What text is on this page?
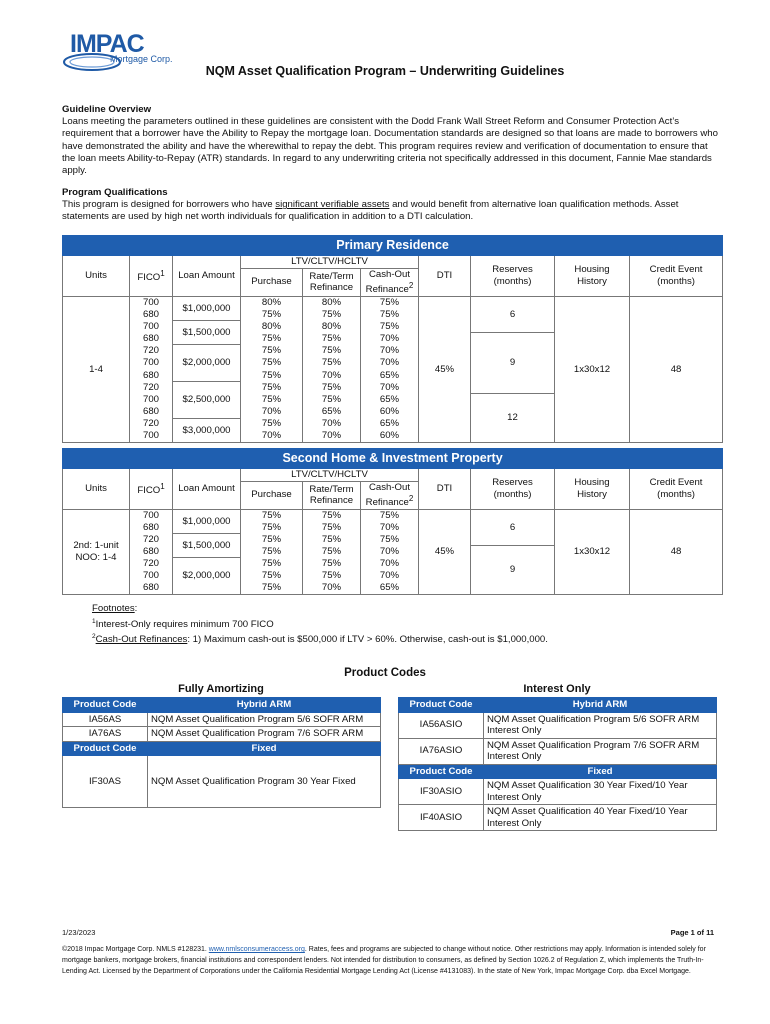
IMPAC
Mortgage Corp.
NQM Asset Qualification Program – Underwriting Guidelines
Guideline Overview

Loans meeting the parameters outlined in these guidelines are consistent with the Dodd Frank Wall Street Reform and Consumer Protection Act’s requirement that a borrower have the Ability to Repay the mortgage loan. Documentation standards are designed so that loans are made to borrowers who have demonstrated the ability and have the wherewithal to repay the debt. This program requires review and verification of documentation to ensure that the loan meets Ability-to-Repay (ATR) standards. In regard to any underwriting criteria not specifically addressed in this document, Fannie Mae standards apply.

Program Qualifications

This program is designed for borrowers who have significant verifiable assets and would benefit from alternative loan qualification methods. Asset statements are used by high net worth individuals for qualification in addition to a DTI calculation.

Primary Residence									
Units	FICO$^1$	Loan Amount	LTV/CLTV/HCLTV			DTI	Reserves
(months)	Housing
History	Credit Event
(months)

			Purchase	Rate/Term
Refinance	Cash-Out
Refinance$^2$

1-4	700	$1,000,000	80%	80%	75%	45%	6	1x30x12	48
	680		75%	75%	75%				
	700	$1,500,000	80%	80%	75%				
	680		75%	75%	70%		9		
	720	$2,000,000	75%	75%	70%				
	700		75%	75%	70%				
	680		75%	70%	65%				
	720	$2,500,000	75%	75%	70%				
	700		75%	75%	65%		12		
	680		70%	65%	60%				
	720	$3,000,000	75%	70%	65%				
	700		70%	70%	60%				
Second Home & Investment Property									
Units	FICO$^1$	Loan Amount	LTV/CLTV/HCLTV			DTI	Reserves
(months)	Housing
History	Credit Event
(months)

			Purchase	Rate/Term
Refinance	Cash-Out
Refinance$^2$

2nd: 1-unit
NOO: 1-4	700	$1,000,000	75%	75%	75%	45%	6	1x30x12	48
	680		75%	75%	70%				
	720	$1,500,000	75%	75%	75%				
	680		75%	75%	70%		9		
	720	$2,000,000	75%	75%	70%				
	700		75%	75%	70%				
	680		75%	70%	65%				
Footnotes:
$^1$Interest-Only requires minimum 700 FICO
$^2$Cash-Out Refinances: 1) Maximum cash-out is $500,000 if LTV > 60%. Otherwise, cash-out is $1,000,000.
Product Codes
Fully Amortizing	Interest Only
Product Code	Hybrid ARM
IA56AS	NQM Asset Qualification Program 5/6 SOFR ARM
IA76AS	NQM Asset Qualification Program 7/6 SOFR ARM
Product Code	Fixed
IF30AS	NQM Asset Qualification Program 30 Year Fixed
Product Code	Hybrid ARM
IA56ASIO	NQM Asset Qualification Program 5/6 SOFR ARM Interest Only
IA76ASIO	NQM Asset Qualification Program 7/6 SOFR ARM Interest Only
Product Code	Fixed
IF30ASIO	NQM Asset Qualification 30 Year Fixed/10 Year Interest Only
IF40ASIO	NQM Asset Qualification 40 Year Fixed/10 Year Interest Only
1/23/2023	Page 1 of 11
©2018 Impac Mortgage Corp. NMLS #128231. www.nmlsconsumeraccess.org. Rates, fees and programs are subjected to change without notice. Other restrictions may apply. Information is intended solely for mortgage bankers, mortgage brokers, financial institutions and correspondent lenders. Not intended for distribution to consumers, as defined by Section 1026.2 of Regulation Z, which implements the Truth-In-Lending Act. Licensed by the Department of Corporations under the California Residential Mortgage Lending Act (License #4131083). In the state of New York, Impac Mortgage Corp. dba Excel Mortgage.
